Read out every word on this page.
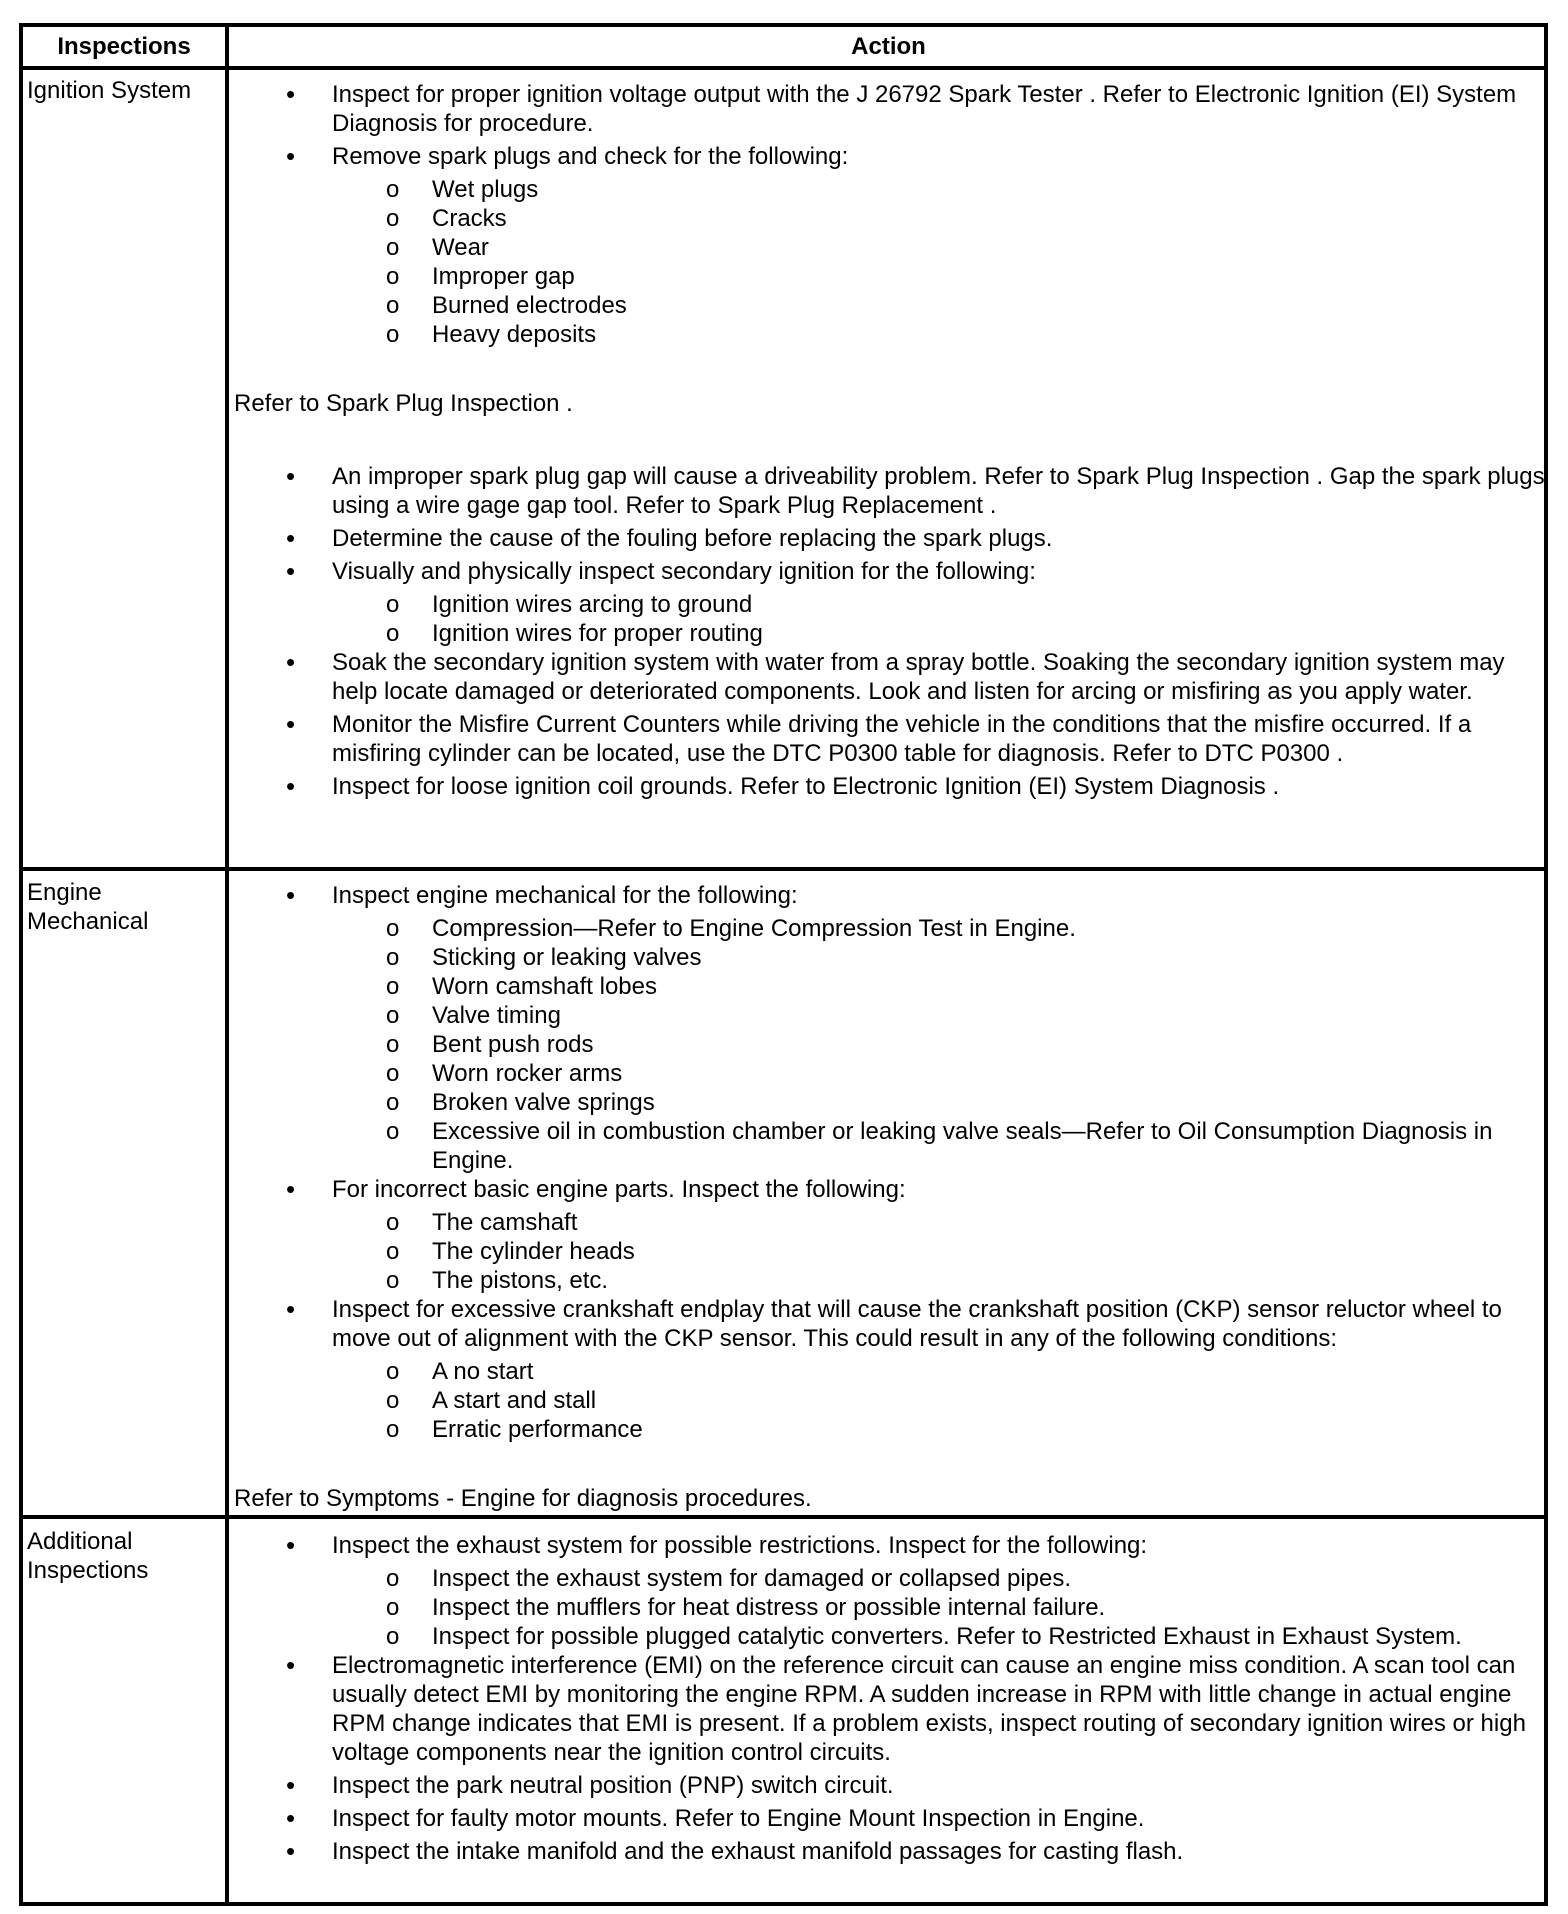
Inspections	Action
Ignition System
Engine
Mechanical
Additional
Inspections
• Inspect for proper ignition voltage output with the J 26792 Spark Tester . Refer to Electronic Ignition (EI) System Diagnosis for procedure.
• Remove spark plugs and check for the following:
o Wet plugs
o Cracks
o Wear
o Improper gap
o Burned electrodes
o Heavy deposits
Refer to Spark Plug Inspection .
• An improper spark plug gap will cause a driveability problem. Refer to Spark Plug Inspection . Gap the spark plugs using a wire gage gap tool. Refer to Spark Plug Replacement .
• Determine the cause of the fouling before replacing the spark plugs.
• Visually and physically inspect secondary ignition for the following:
o Ignition wires arcing to ground
o Ignition wires for proper routing
• Soak the secondary ignition system with water from a spray bottle. Soaking the secondary ignition system may help locate damaged or deteriorated components. Look and listen for arcing or misfiring as you apply water.
• Monitor the Misfire Current Counters while driving the vehicle in the conditions that the misfire occurred. If a misfiring cylinder can be located, use the DTC P0300 table for diagnosis. Refer to DTC P0300 .
• Inspect for loose ignition coil grounds. Refer to Electronic Ignition (EI) System Diagnosis .
• Inspect engine mechanical for the following:
o Compression—Refer to Engine Compression Test in Engine.
o Sticking or leaking valves
o Worn camshaft lobes
o Valve timing
o Bent push rods
o Worn rocker arms
o Broken valve springs
o Excessive oil in combustion chamber or leaking valve seals—Refer to Oil Consumption Diagnosis in Engine.
• For incorrect basic engine parts. Inspect the following:
o The camshaft
o The cylinder heads
o The pistons, etc.
• Inspect for excessive crankshaft endplay that will cause the crankshaft position (CKP) sensor reluctor wheel to move out of alignment with the CKP sensor. This could result in any of the following conditions:
o A no start
o A start and stall
o Erratic performance
Refer to Symptoms - Engine for diagnosis procedures.
• Inspect the exhaust system for possible restrictions. Inspect for the following:
o Inspect the exhaust system for damaged or collapsed pipes.
o Inspect the mufflers for heat distress or possible internal failure.
o Inspect for possible plugged catalytic converters. Refer to Restricted Exhaust in Exhaust System.
• Electromagnetic interference (EMI) on the reference circuit can cause an engine miss condition. A scan tool can usually detect EMI by monitoring the engine RPM. A sudden increase in RPM with little change in actual engine RPM change indicates that EMI is present. If a problem exists, inspect routing of secondary ignition wires or high voltage components near the ignition control circuits.
• Inspect the park neutral position (PNP) switch circuit.
• Inspect for faulty motor mounts. Refer to Engine Mount Inspection in Engine.
• Inspect the intake manifold and the exhaust manifold passages for casting flash.
